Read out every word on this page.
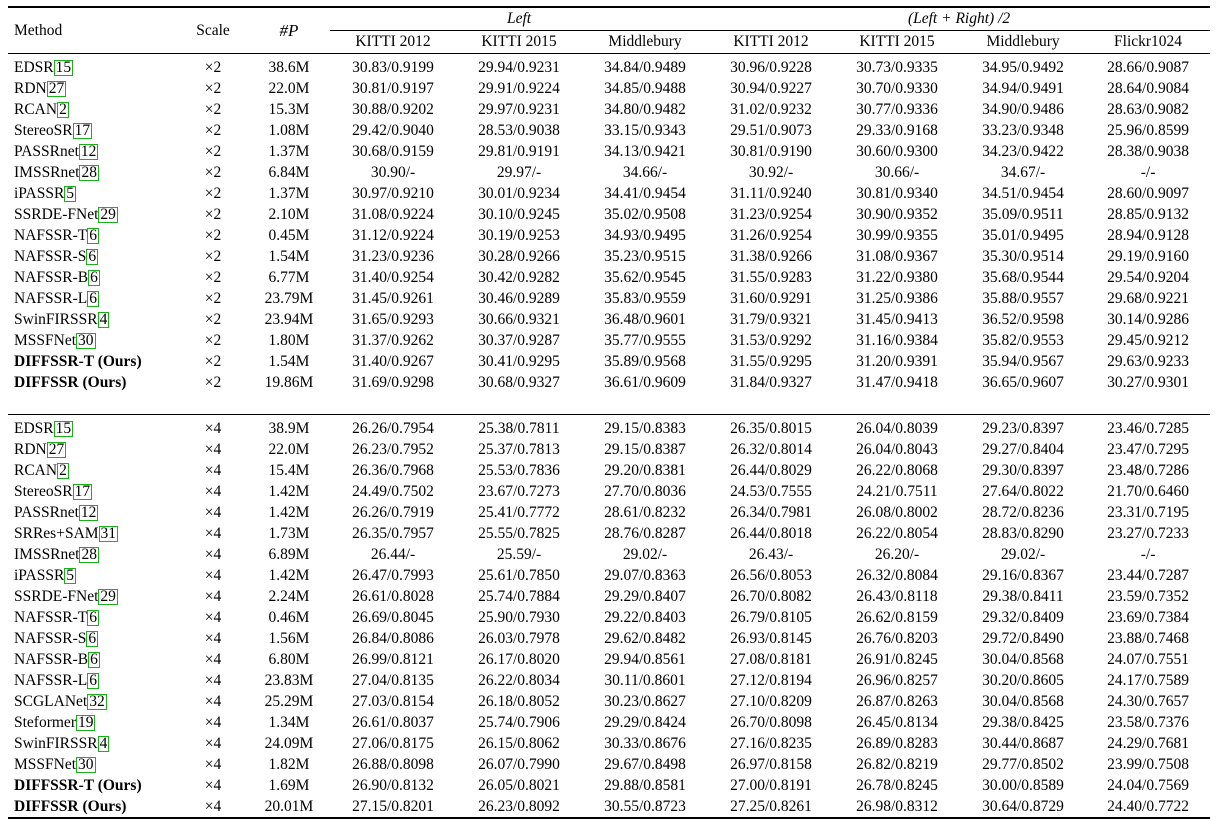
Method	Scale	#P	Left			(Left + Right) /2			
			KITTI 2012	KITTI 2015	Middlebury	KITTI 2012	KITTI 2015	Middlebury	Flickr1024
EDSR 15	×2	38.6M	30.83/0.9199	29.94/0.9231	34.84/0.9489	30.96/0.9228	30.73/0.9335	34.95/0.9492	28.66/0.9087
RDN 27	×2	22.0M	30.81/0.9197	29.91/0.9224	34.85/0.9488	30.94/0.9227	30.70/0.9330	34.94/0.9491	28.64/0.9084
RCAN 2	×2	15.3M	30.88/0.9202	29.97/0.9231	34.80/0.9482	31.02/0.9232	30.77/0.9336	34.90/0.9486	28.63/0.9082
StereoSR 17	×2	1.08M	29.42/0.9040	28.53/0.9038	33.15/0.9343	29.51/0.9073	29.33/0.9168	33.23/0.9348	25.96/0.8599
PASSRnet 12	×2	1.37M	30.68/0.9159	29.81/0.9191	34.13/0.9421	30.81/0.9190	30.60/0.9300	34.23/0.9422	28.38/0.9038
IMSSRnet 28	×2	6.84M	30.90/-	29.97/-	34.66/-	30.92/-	30.66/-	34.67/-	-/-
iPASSR 5	×2	1.37M	30.97/0.9210	30.01/0.9234	34.41/0.9454	31.11/0.9240	30.81/0.9340	34.51/0.9454	28.60/0.9097
SSRDE-FNet 29	×2	2.10M	31.08/0.9224	30.10/0.9245	35.02/0.9508	31.23/0.9254	30.90/0.9352	35.09/0.9511	28.85/0.9132
NAFSSR-T 6	×2	0.45M	31.12/0.9224	30.19/0.9253	34.93/0.9495	31.26/0.9254	30.99/0.9355	35.01/0.9495	28.94/0.9128
NAFSSR-S 6	×2	1.54M	31.23/0.9236	30.28/0.9266	35.23/0.9515	31.38/0.9266	31.08/0.9367	35.30/0.9514	29.19/0.9160
NAFSSR-B 6	×2	6.77M	31.40/0.9254	30.42/0.9282	35.62/0.9545	31.55/0.9283	31.22/0.9380	35.68/0.9544	29.54/0.9204
NAFSSR-L 6	×2	23.79M	31.45/0.9261	30.46/0.9289	35.83/0.9559	31.60/0.9291	31.25/0.9386	35.88/0.9557	29.68/0.9221
SwinFIRSSR 4	×2	23.94M	31.65/0.9293	30.66/0.9321	36.48/0.9601	31.79/0.9321	31.45/0.9413	36.52/0.9598	30.14/0.9286
MSSFNet 30	×2	1.80M	31.37/0.9262	30.37/0.9287	35.77/0.9555	31.53/0.9292	31.16/0.9384	35.82/0.9553	29.45/0.9212
DIFFSSR-T (Ours)	×2	1.54M	31.40/0.9267	30.41/0.9295	35.89/0.9568	31.55/0.9295	31.20/0.9391	35.94/0.9567	29.63/0.9233
DIFFSSR (Ours)	×2	19.86M	31.69/0.9298	30.68/0.9327	36.61/0.9609	31.84/0.9327	31.47/0.9418	36.65/0.9607	30.27/0.9301

EDSR 15	×4	38.9M	26.26/0.7954	25.38/0.7811	29.15/0.8383	26.35/0.8015	26.04/0.8039	29.23/0.8397	23.46/0.7285
RDN 27	×4	22.0M	26.23/0.7952	25.37/0.7813	29.15/0.8387	26.32/0.8014	26.04/0.8043	29.27/0.8404	23.47/0.7295
RCAN 2	×4	15.4M	26.36/0.7968	25.53/0.7836	29.20/0.8381	26.44/0.8029	26.22/0.8068	29.30/0.8397	23.48/0.7286
StereoSR 17	×4	1.42M	24.49/0.7502	23.67/0.7273	27.70/0.8036	24.53/0.7555	24.21/0.7511	27.64/0.8022	21.70/0.6460
PASSRnet 12	×4	1.42M	26.26/0.7919	25.41/0.7772	28.61/0.8232	26.34/0.7981	26.08/0.8002	28.72/0.8236	23.31/0.7195
SRRes+SAM 31	×4	1.73M	26.35/0.7957	25.55/0.7825	28.76/0.8287	26.44/0.8018	26.22/0.8054	28.83/0.8290	23.27/0.7233
IMSSRnet 28	×4	6.89M	26.44/-	25.59/-	29.02/-	26.43/-	26.20/-	29.02/-	-/-
iPASSR 5	×4	1.42M	26.47/0.7993	25.61/0.7850	29.07/0.8363	26.56/0.8053	26.32/0.8084	29.16/0.8367	23.44/0.7287
SSRDE-FNet 29	×4	2.24M	26.61/0.8028	25.74/0.7884	29.29/0.8407	26.70/0.8082	26.43/0.8118	29.38/0.8411	23.59/0.7352
NAFSSR-T 6	×4	0.46M	26.69/0.8045	25.90/0.7930	29.22/0.8403	26.79/0.8105	26.62/0.8159	29.32/0.8409	23.69/0.7384
NAFSSR-S 6	×4	1.56M	26.84/0.8086	26.03/0.7978	29.62/0.8482	26.93/0.8145	26.76/0.8203	29.72/0.8490	23.88/0.7468
NAFSSR-B 6	×4	6.80M	26.99/0.8121	26.17/0.8020	29.94/0.8561	27.08/0.8181	26.91/0.8245	30.04/0.8568	24.07/0.7551
NAFSSR-L 6	×4	23.83M	27.04/0.8135	26.22/0.8034	30.11/0.8601	27.12/0.8194	26.96/0.8257	30.20/0.8605	24.17/0.7589
SCGLANet 32	×4	25.29M	27.03/0.8154	26.18/0.8052	30.23/0.8627	27.10/0.8209	26.87/0.8263	30.04/0.8568	24.30/0.7657
Steformer 19	×4	1.34M	26.61/0.8037	25.74/0.7906	29.29/0.8424	26.70/0.8098	26.45/0.8134	29.38/0.8425	23.58/0.7376
SwinFIRSSR 4	×4	24.09M	27.06/0.8175	26.15/0.8062	30.33/0.8676	27.16/0.8235	26.89/0.8283	30.44/0.8687	24.29/0.7681
MSSFNet 30	×4	1.82M	26.88/0.8098	26.07/0.7990	29.67/0.8498	26.97/0.8158	26.82/0.8219	29.77/0.8502	23.99/0.7508
DIFFSSR-T (Ours)	×4	1.69M	26.90/0.8132	26.05/0.8021	29.88/0.8581	27.00/0.8191	26.78/0.8245	30.00/0.8589	24.04/0.7569
DIFFSSR (Ours)	×4	20.01M	27.15/0.8201	26.23/0.8092	30.55/0.8723	27.25/0.8261	26.98/0.8312	30.64/0.8729	24.40/0.7722
